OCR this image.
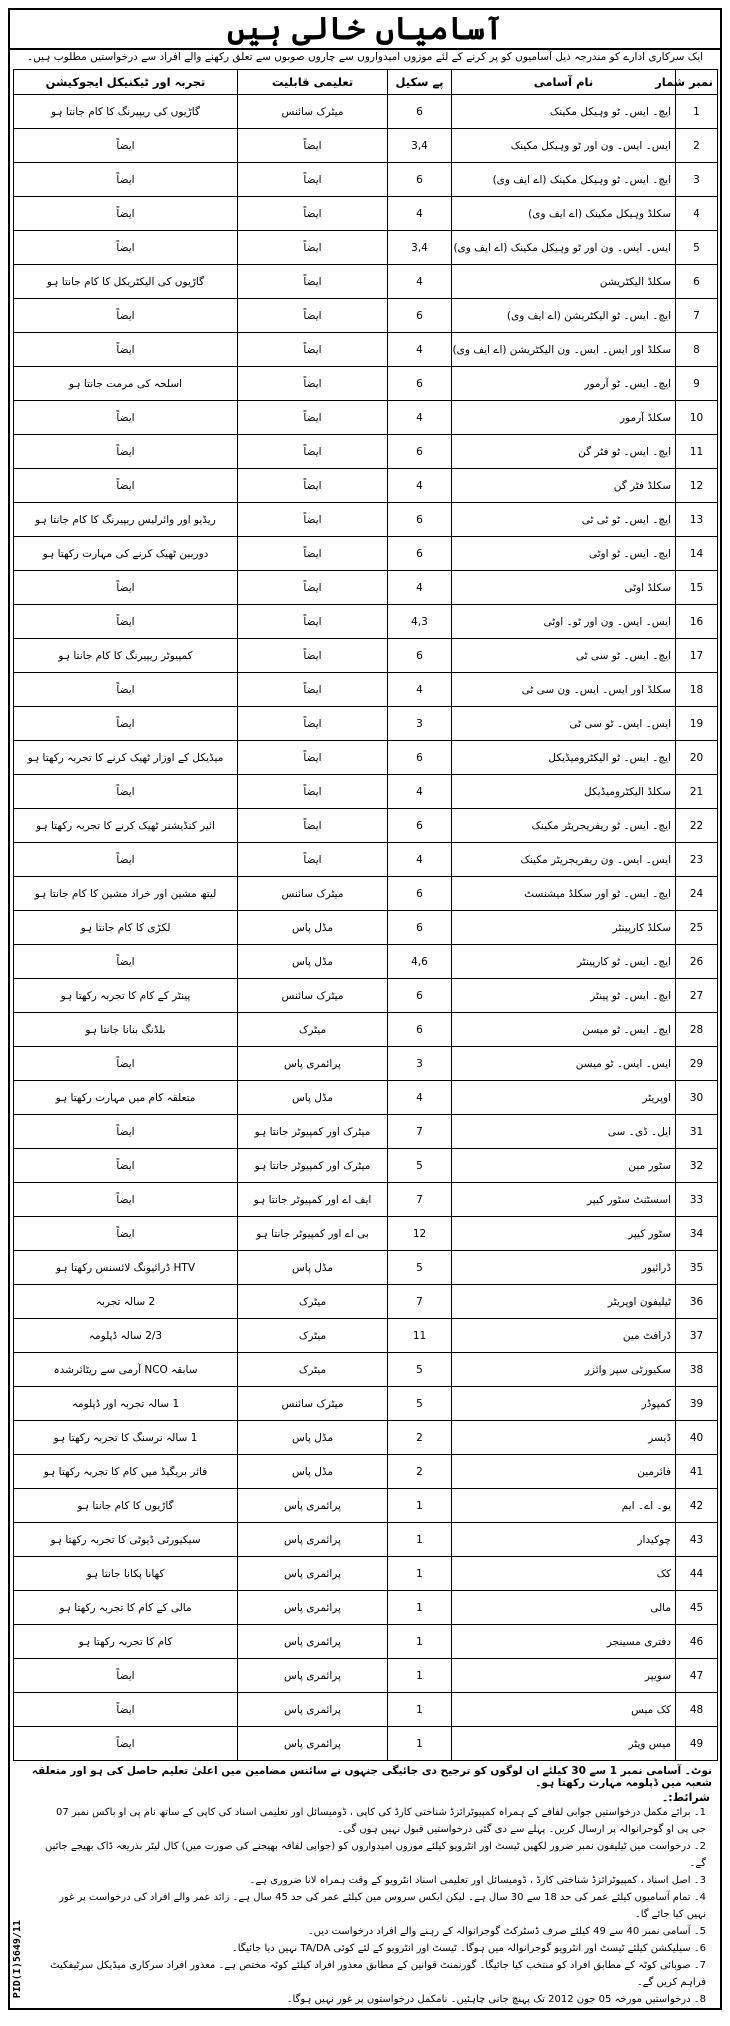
آسامیاں خالی ہیں
ایک سرکاری ادارے کو مندرجہ ذیل آسامیوں کو پر کرنے کے لئے موزوں امیدواروں سے چاروں صوبوں سے تعلق رکھنے والے افراد سے درخواستیں مطلوب ہیں۔
نمبر شمار	نام آسامی	پے سکیل	تعلیمی قابلیت	تجربہ اور ٹیکنیکل ایجوکیشن
1	ایچ۔ ایس۔ ٹو وہیکل مکینک	6	میٹرک سائنس	گاڑیوں کی ریپیرنگ کا کام جانتا ہو
2	ایس۔ ایس۔ ون اور ٹو وہیکل مکینک	3,4	ایضاً	ایضاً
3	ایچ۔ ایس۔ ٹو وہیکل مکینک (اے ایف وی)	6	ایضاً	ایضاً
4	سکلڈ وہیکل مکینک (اے ایف وی)	4	ایضاً	ایضاً
5	ایس۔ ایس۔ ون اور ٹو وہیکل مکینک (اے ایف وی)	3,4	ایضاً	ایضاً
6	سکلڈ الیکٹریشن	4	ایضاً	گاڑیوں کی الیکٹریکل کا کام جانتا ہو
7	ایچ۔ ایس۔ ٹو الیکٹریشن (اے ایف وی)	6	ایضاً	ایضاً
8	سکلڈ اور ایس۔ ایس۔ ون الیکٹریشن (اے ایف وی)	4	ایضاً	ایضاً
9	ایچ۔ ایس۔ ٹو آرمور	6	ایضاً	اسلحہ کی مرمت جانتا ہو
10	سکلڈ آرمور	4	ایضاً	ایضاً
11	ایچ۔ ایس۔ ٹو فٹر گن	6	ایضاً	ایضاً
12	سکلڈ فٹر گن	4	ایضاً	ایضاً
13	ایچ۔ ایس۔ ٹو ٹی ٹی	6	ایضاً	ریڈیو اور وائرلیس ریپیرنگ کا کام جانتا ہو
14	ایچ۔ ایس۔ ٹو اوٹی	6	ایضاً	دوربین ٹھیک کرنے کی مہارت رکھتا ہو
15	سکلڈ اوٹی	4	ایضاً	ایضاً
16	ایس۔ ایس۔ ون اور ٹو۔ اوٹی	4,3	ایضاً	ایضاً
17	ایچ۔ ایس۔ ٹو سی ٹی	6	ایضاً	کمپیوٹر ریپیرنگ کا کام جانتا ہو
18	سکلڈ اور ایس۔ ایس۔ ون سی ٹی	4	ایضاً	ایضاً
19	ایس۔ ایس۔ ٹو سی ٹی	3	ایضاً	ایضاً
20	ایچ۔ ایس۔ ٹو الیکٹرومیڈیکل	6	ایضاً	میڈیکل کے اوزار ٹھیک کرنے کا تجربہ رکھتا ہو
21	سکلڈ الیکٹرومیڈیکل	4	ایضاً	ایضاً
22	ایچ۔ ایس۔ ٹو ریفریجریٹر مکینک	6	ایضاً	ائیر کنڈیشنر ٹھیک کرنے کا تجربہ رکھتا ہو
23	ایس۔ ایس۔ ون ریفریجریٹر مکینک	4	ایضاً	ایضاً
24	ایچ۔ ایس۔ ٹو اور سکلڈ میشنسٹ	6	میٹرک سائنس	لیتھ مشین اور خراد مشین کا کام جانتا ہو
25	سکلڈ کارپینٹر	6	مڈل پاس	لکڑی کا کام جانتا ہو
26	ایچ۔ ایس۔ ٹو کارپینٹر	4,6	مڈل پاس	ایضاً
27	ایچ۔ ایس۔ ٹو پینٹر	6	میٹرک سائنس	پینٹر کے کام کا تجربہ رکھتا ہو
28	ایچ۔ ایس۔ ٹو میسن	6	میٹرک	بلڈنگ بنانا جانتا ہو
29	ایس۔ ایس۔ ٹو میسن	3	پرائمری پاس	ایضاً
30	اوپریٹر	4	مڈل پاس	متعلقہ کام میں مہارت رکھتا ہو
31	ایل۔ ڈی۔ سی	7	میٹرک اور کمپیوٹر جانتا ہو	ایضاً
32	سٹور مین	5	میٹرک اور کمپیوٹر جانتا ہو	ایضاً
33	اسسٹنٹ سٹور کیپر	7	ایف اے اور کمپیوٹر جانتا ہو	ایضاً
34	سٹور کیپر	12	بی اے اور کمپیوٹر جانتا ہو	ایضاً
35	ڈرائیور	5	مڈل پاس	HTV ڈرائیونگ لائسنس رکھتا ہو
36	ٹیلیفون اوپریٹر	7	میٹرک	2 سالہ تجربہ
37	ڈرافٹ مین	11	میٹرک	2/3 سالہ ڈپلومہ
38	سکیورٹی سپر وائزر	5	میٹرک	سابقہ NCO آرمی سے ریٹائرشدہ
39	کمپوڈر	5	میٹرک سائنس	1 سالہ تجربہ اور ڈپلومہ
40	ڈیسر	2	مڈل پاس	1 سالہ نرسنگ کا تجربہ رکھتا ہو
41	فائرمین	2	مڈل پاس	فائر بریگیڈ میں کام کا تجربہ رکھتا ہو
42	یو۔ اے۔ ایم	1	پرائمری پاس	گاڑیوں کا کام جانتا ہو
43	چوکیدار	1	پرائمری پاس	سیکیورٹی ڈیوٹی کا تجربہ رکھتا ہو
44	کک	1	پرائمری پاس	کھانا پکانا جانتا ہو
45	مالی	1	پرائمری پاس	مالی کے کام کا تجربہ رکھتا ہو
46	دفتری مسینجر	1	پرائمری پاس	کام کا تجربہ رکھتا ہو
47	سویپر	1	پرائمری پاس	ایضاً
48	کک میس	1	پرائمری پاس	ایضاً
49	میس ویٹر	1	پرائمری پاس	ایضاً
نوٹ۔ آسامی نمبر 1 سے 30 کیلئے ان لوگوں کو ترجیح دی جائیگی جنہوں نے سائنس مضامین میں اعلیٰ تعلیم حاصل کی ہو اور متعلقہ شعبہ میں ڈپلومہ مہارت رکھتا ہو۔
شرائط:۔
1۔ برائے مکمل درخواستیں جوابی لفافے کے ہمراہ کمپیوٹرائزڈ شناختی کارڈ کی کاپی ، ڈومیسائل اور تعلیمی اسناد کی کاپی کے ساتھ نام پی او باکس نمبر 07 جی پی او گوجرانوالہ پر ارسال کریں۔ پہلے سے دی گئی درخواستیں قبول نہیں ہوں گی۔
2۔ درخواست میں ٹیلیفون نمبر ضرور لکھیں ٹیسٹ اور انٹرویو کیلئے موزوں امیدواروں کو (جوابی لفافہ بھیجنے کی صورت میں) کال لیٹر بذریعہ ڈاک بھیجے جائیں گے۔
3۔ اصل اسناد ، کمپیوٹرائزڈ شناختی کارڈ ، ڈومیسائل اور تعلیمی اسناد انٹرویو کے وقت ہمراہ لانا ضروری ہے۔
4۔ تمام آسامیوں کیلئے عمر کی حد 18 سے 30 سال ہے۔ لیکن ایکس سروس مین کیلئے عمر کی حد 45 سال ہے۔ زائد عمر والے افراد کی درخواست پر غور نہیں کیا جائے گا۔
5۔ آسامی نمبر 40 سے 49 کیلئے صرف ڈسٹرکٹ گوجرانوالہ کے رہنے والے افراد درخواست دیں۔
6۔ سیلیکشن کیلئے ٹیسٹ اور انٹرویو گوجرانوالہ میں ہوگا۔ ٹیسٹ اور انٹرویو کے لئے کوئی TA/DA نہیں دیا جائیگا۔
7۔ صوبائی کوٹہ کے مطابق افراد کو منتخب کیا جائیگا۔ گورنمنٹ قوانین کے مطابق معذور افراد کیلئے کوٹہ مختص ہے۔ معذور افراد سرکاری میڈیکل سرٹیفکیٹ فراہم کریں گے۔
8۔ درخواستیں مورخہ 05 جون 2012 تک پہنچ جانی چاہئیں۔ نامکمل درخواستوں پر غور نہیں ہوگا۔
PID(I)5649/11
